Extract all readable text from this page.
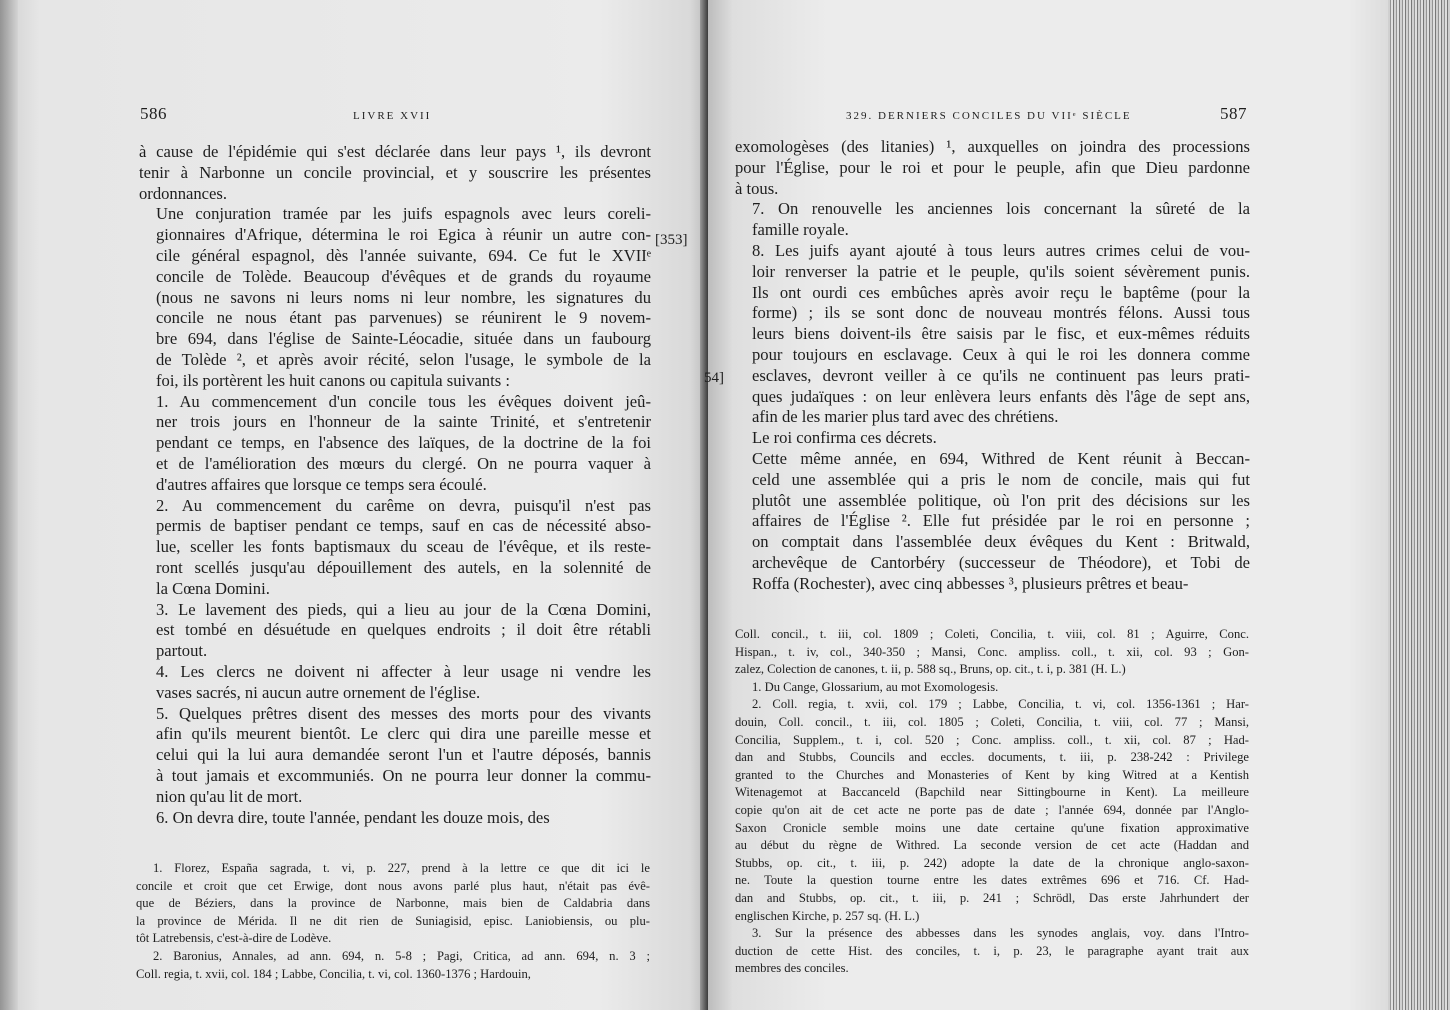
586	LIVRE XVII
[353]

à cause de l'épidémie qui s'est déclarée dans leur pays ¹, ils devront
tenir à Narbonne un concile provincial, et y souscrire les présentes
ordonnances.

Une conjuration tramée par les juifs espagnols avec leurs coreli-
gionnaires d'Afrique, détermina le roi Egica à réunir un autre con-
cile général espagnol, dès l'année suivante, 694. Ce fut le XVIIᵉ
concile de Tolède. Beaucoup d'évêques et de grands du royaume
(nous ne savons ni leurs noms ni leur nombre, les signatures du
concile ne nous étant pas parvenues) se réunirent le 9 novem-
bre 694, dans l'église de Sainte-Léocadie, située dans un faubourg
de Tolède ², et après avoir récité, selon l'usage, le symbole de la
foi, ils portèrent les huit canons ou capitula suivants :

1. Au commencement d'un concile tous les évêques doivent jeû-
ner trois jours en l'honneur de la sainte Trinité, et s'entretenir
pendant ce temps, en l'absence des laïques, de la doctrine de la foi
et de l'amélioration des mœurs du clergé. On ne pourra vaquer à
d'autres affaires que lorsque ce temps sera écoulé.

2. Au commencement du carême on devra, puisqu'il n'est pas
permis de baptiser pendant ce temps, sauf en cas de nécessité abso-
lue, sceller les fonts baptismaux du sceau de l'évêque, et ils reste-
ront scellés jusqu'au dépouillement des autels, en la solennité de
la Cœna Domini.

3. Le lavement des pieds, qui a lieu au jour de la Cœna Domini,
est tombé en désuétude en quelques endroits ; il doit être rétabli
partout.

4. Les clercs ne doivent ni affecter à leur usage ni vendre les
vases sacrés, ni aucun autre ornement de l'église.

5. Quelques prêtres disent des messes des morts pour des vivants
afin qu'ils meurent bientôt. Le clerc qui dira une pareille messe et
celui qui la lui aura demandée seront l'un et l'autre déposés, bannis
à tout jamais et excommuniés. On ne pourra leur donner la commu-
nion qu'au lit de mort.

6. On devra dire, toute l'année, pendant les douze mois, des

1. Florez, España sagrada, t. vi, p. 227, prend à la lettre ce que dit ici le
concile et croit que cet Erwige, dont nous avons parlé plus haut, n'était pas évê-
que de Béziers, dans la province de Narbonne, mais bien de Caldabria dans
la province de Mérida. Il ne dit rien de Suniagisid, episc. Laniobiensis, ou plu-
tôt Latrebensis, c'est-à-dire de Lodève.

2. Baronius, Annales, ad ann. 694, n. 5-8 ; Pagi, Critica, ad ann. 694, n. 3 ;
Coll. regia, t. xvii, col. 184 ; Labbe, Concilia, t. vi, col. 1360-1376 ; Hardouin,

329. DERNIERS CONCILES DU VIIᵉ SIÈCLE	587
54]

exomologèses (des litanies) ¹, auxquelles on joindra des processions
pour l'Église, pour le roi et pour le peuple, afin que Dieu pardonne
à tous.

7. On renouvelle les anciennes lois concernant la sûreté de la
famille royale.

8. Les juifs ayant ajouté à tous leurs autres crimes celui de vou-
loir renverser la patrie et le peuple, qu'ils soient sévèrement punis.
Ils ont ourdi ces embûches après avoir reçu le baptême (pour la
forme) ; ils se sont donc de nouveau montrés félons. Aussi tous
leurs biens doivent-ils être saisis par le fisc, et eux-mêmes réduits
pour toujours en esclavage. Ceux à qui le roi les donnera comme
esclaves, devront veiller à ce qu'ils ne continuent pas leurs prati-
ques judaïques : on leur enlèvera leurs enfants dès l'âge de sept ans,
afin de les marier plus tard avec des chrétiens.

Le roi confirma ces décrets.

Cette même année, en 694, Withred de Kent réunit à Beccan-
celd une assemblée qui a pris le nom de concile, mais qui fut
plutôt une assemblée politique, où l'on prit des décisions sur les
affaires de l'Église ². Elle fut présidée par le roi en personne ;
on comptait dans l'assemblée deux évêques du Kent : Britwald,
archevêque de Cantorbéry (successeur de Théodore), et Tobi de
Roffa (Rochester), avec cinq abbesses ³, plusieurs prêtres et beau-

Coll. concil., t. iii, col. 1809 ; Coleti, Concilia, t. viii, col. 81 ; Aguirre, Conc.
Hispan., t. iv, col., 340-350 ; Mansi, Conc. ampliss. coll., t. xii, col. 93 ; Gon-
zalez, Colection de canones, t. ii, p. 588 sq., Bruns, op. cit., t. i, p. 381 (H. L.)

1. Du Cange, Glossarium, au mot Exomologesis.

2. Coll. regia, t. xvii, col. 179 ; Labbe, Concilia, t. vi, col. 1356-1361 ; Har-
douin, Coll. concil., t. iii, col. 1805 ; Coleti, Concilia, t. viii, col. 77 ; Mansi,
Concilia, Supplem., t. i, col. 520 ; Conc. ampliss. coll., t. xii, col. 87 ; Had-
dan and Stubbs, Councils and eccles. documents, t. iii, p. 238-242 : Privilege
granted to the Churches and Monasteries of Kent by king Witred at a Kentish
Witenagemot at Baccanceld (Bapchild near Sittingbourne in Kent). La meilleure
copie qu'on ait de cet acte ne porte pas de date ; l'année 694, donnée par l'Anglo-
Saxon Cronicle semble moins une date certaine qu'une fixation approximative
au début du règne de Withred. La seconde version de cet acte (Haddan and
Stubbs, op. cit., t. iii, p. 242) adopte la date de la chronique anglo-saxon-
ne. Toute la question tourne entre les dates extrêmes 696 et 716. Cf. Had-
dan and Stubbs, op. cit., t. iii, p. 241 ; Schrödl, Das erste Jahrhundert der
englischen Kirche, p. 257 sq. (H. L.)

3. Sur la présence des abbesses dans les synodes anglais, voy. dans l'Intro-
duction de cette Hist. des conciles, t. i, p. 23, le paragraphe ayant trait aux
membres des conciles.
